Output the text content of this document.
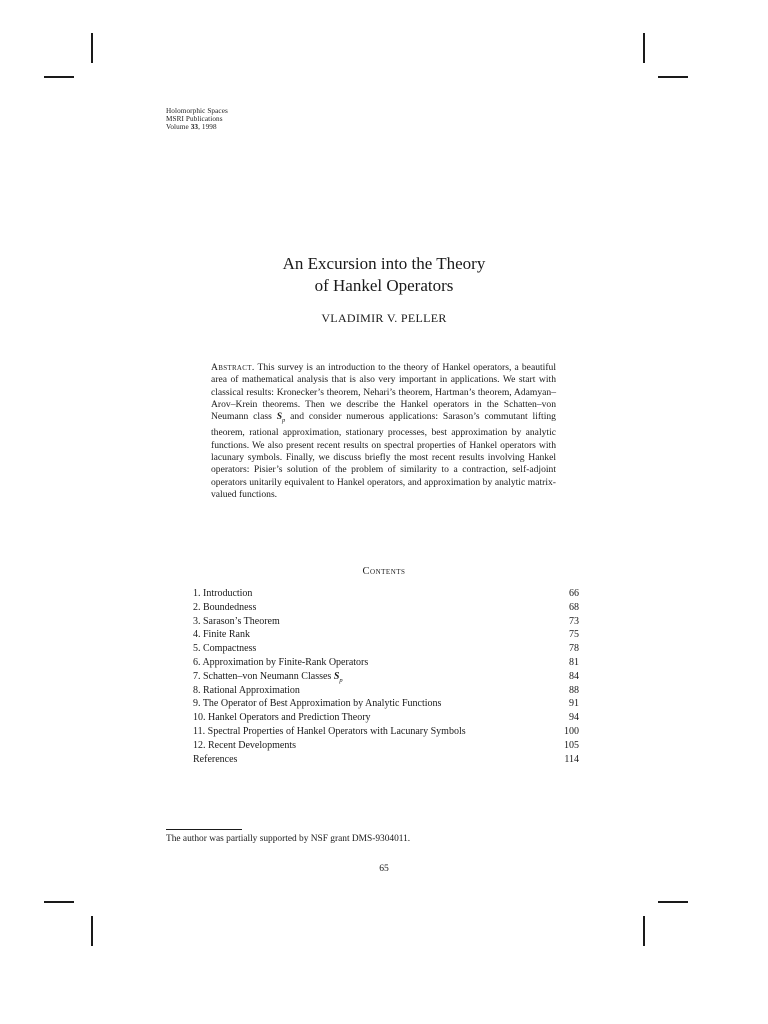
Holomorphic Spaces
MSRI Publications
Volume 33, 1998
An Excursion into the Theory
of Hankel Operators
VLADIMIR V. PELLER
Abstract. This survey is an introduction to the theory of Hankel operators, a beautiful area of mathematical analysis that is also very important in applications. We start with classical results: Kronecker’s theorem, Nehari’s theorem, Hartman’s theorem, Adamyan–Arov–Krein theorems. Then we describe the Hankel operators in the Schatten–von Neumann class $S_p$ and consider numerous applications: Sarason’s commutant lifting theorem, rational approximation, stationary processes, best approximation by analytic functions. We also present recent results on spectral properties of Hankel operators with lacunary symbols. Finally, we discuss briefly the most recent results involving Hankel operators: Pisier’s solution of the problem of similarity to a contraction, self-adjoint operators unitarily equivalent to Hankel operators, and approximation by analytic matrix-valued functions.
Contents
1. Introduction	66
2. Boundedness	68
3. Sarason’s Theorem	73
4. Finite Rank	75
5. Compactness	78
6. Approximation by Finite-Rank Operators	81
7. Schatten–von Neumann Classes $S_p$	84
8. Rational Approximation	88
9. The Operator of Best Approximation by Analytic Functions	91
10. Hankel Operators and Prediction Theory	94
11. Spectral Properties of Hankel Operators with Lacunary Symbols	100
12. Recent Developments	105
References	114
The author was partially supported by NSF grant DMS-9304011.
65
